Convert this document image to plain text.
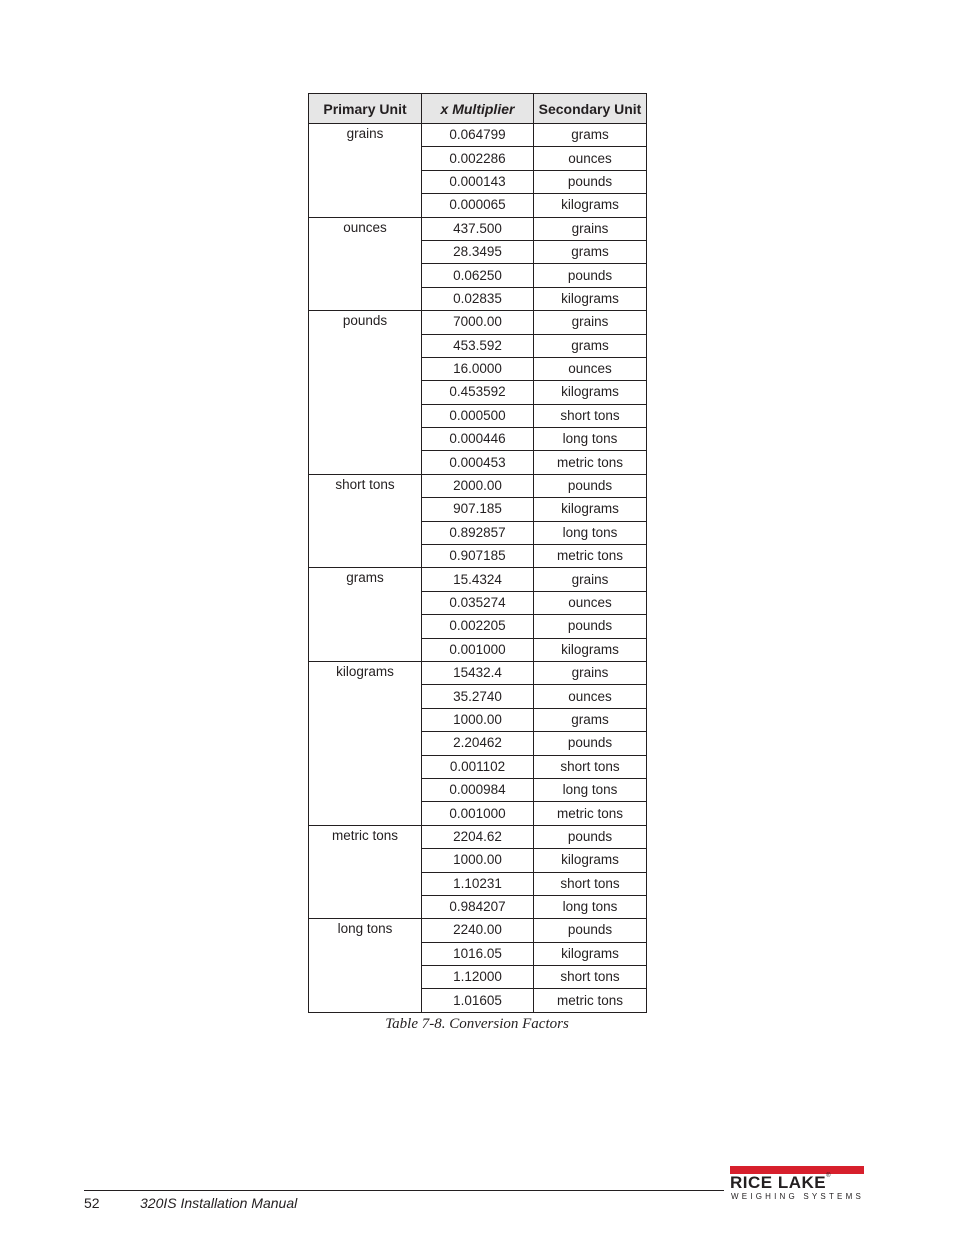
Primary Unit	x Multiplier	Secondary Unit
grains	0.064799	grams
	0.002286	ounces
	0.000143	pounds
	0.000065	kilograms
ounces	437.500	grains
	28.3495	grams
	0.06250	pounds
	0.02835	kilograms
pounds	7000.00	grains
	453.592	grams
	16.0000	ounces
	0.453592	kilograms
	0.000500	short tons
	0.000446	long tons
	0.000453	metric tons
short tons	2000.00	pounds
	907.185	kilograms
	0.892857	long tons
	0.907185	metric tons
grams	15.4324	grains
	0.035274	ounces
	0.002205	pounds
	0.001000	kilograms
kilograms	15432.4	grains
	35.2740	ounces
	1000.00	grams
	2.20462	pounds
	0.001102	short tons
	0.000984	long tons
	0.001000	metric tons
metric tons	2204.62	pounds
	1000.00	kilograms
	1.10231	short tons
	0.984207	long tons
long tons	2240.00	pounds
	1016.05	kilograms
	1.12000	short tons
	1.01605	metric tons
Table 7-8. Conversion Factors
52	320IS Installation Manual
RICE LAKE®
WEIGHING SYSTEMS
